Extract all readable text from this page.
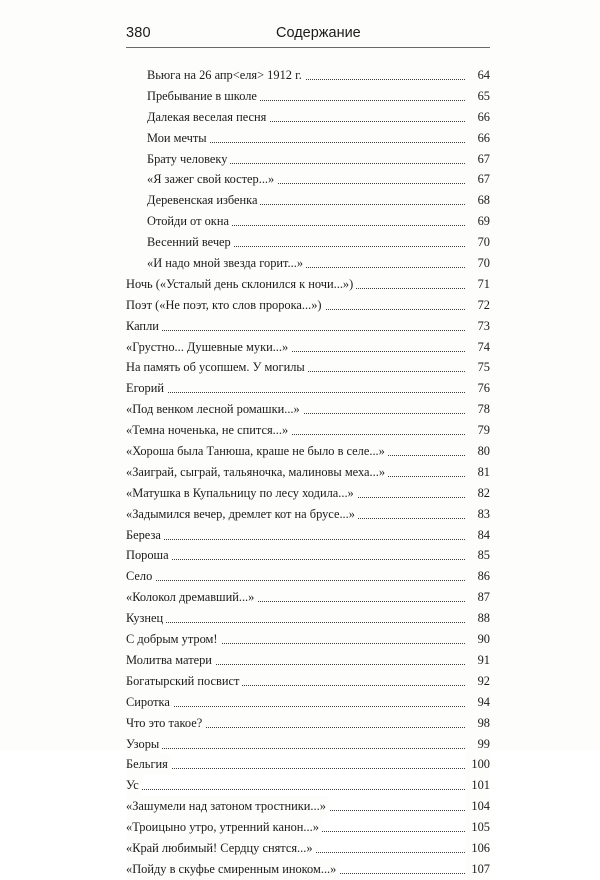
380	Содержание
Вьюга на 26 апр<еля> 1912 г.	64
Пребывание в школе	65
Далекая веселая песня	66
Мои мечты	66
Брату человеку	67
«Я зажег свой костер...»	67
Деревенская избенка	68
Отойди от окна	69
Весенний вечер	70
«И надо мной звезда горит...»	70
Ночь («Усталый день склонился к ночи...»)	71
Поэт («Не поэт, кто слов пророка...»)	72
Капли	73
«Грустно... Душевные муки...»	74
На память об усопшем. У могилы	75
Егорий	76
«Под венком лесной ромашки...»	78
«Темна ноченька, не спится...»	79
«Хороша была Танюша, краше не было в селе...»	80
«Заиграй, сыграй, тальяночка, малиновы меха...»	81
«Матушка в Купальницу по лесу ходила...»	82
«Задымился вечер, дремлет кот на брусе...»	83
Береза	84
Пороша	85
Село	86
«Колокол дремавший...»	87
Кузнец	88
С добрым утром!	90
Молитва матери	91
Богатырский посвист	92
Сиротка	94
Что это такое?	98
Узоры	99
Бельгия	100
Ус	101
«Зашумели над затоном тростники...»	104
«Троицыно утро, утренний канон...»	105
«Край любимый! Сердцу снятся...»	106
«Пойду в скуфье смиренным иноком...»	107
